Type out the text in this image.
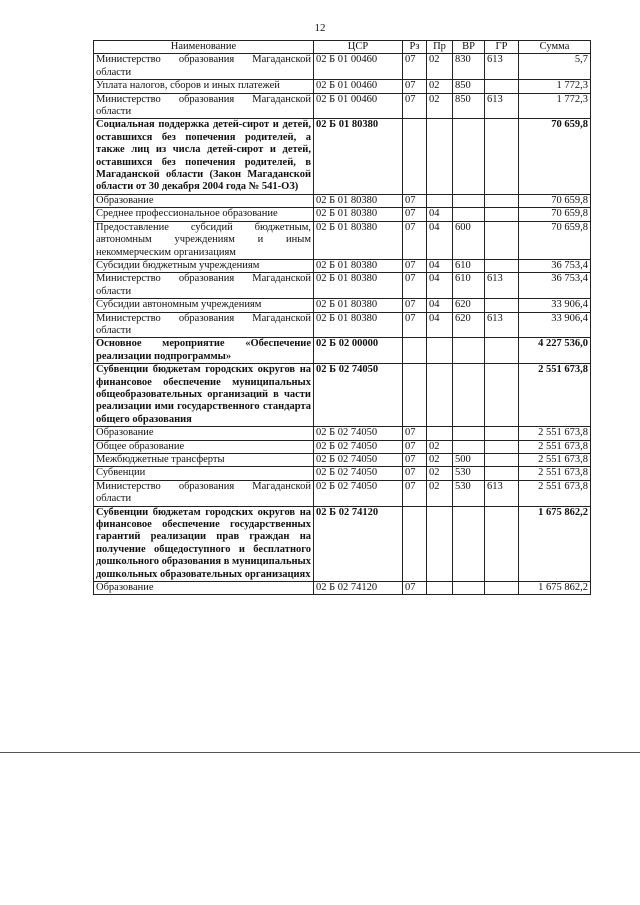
12
Наименование	ЦСР	Рз	Пр	ВР	ГР	Сумма
Министерство образования Магаданской области	02 Б 01 00460	07	02	830	613	5,7
Уплата налогов, сборов и иных платежей	02 Б 01 00460	07	02	850		1 772,3
Министерство образования Магаданской области	02 Б 01 00460	07	02	850	613	1 772,3
Социальная поддержка детей-сирот и детей, оставшихся без попечения родителей, а также лиц из числа детей-сирот и детей, оставшихся без попечения родителей, в Магаданской области (Закон Магаданской области от 30 декабря 2004 года № 541-ОЗ)	02 Б 01 80380					70 659,8
Образование	02 Б 01 80380	07				70 659,8
Среднее профессиональное образование	02 Б 01 80380	07	04			70 659,8
Предоставление субсидий бюджетным, автономным учреждениям и иным некоммерческим организациям	02 Б 01 80380	07	04	600		70 659,8
Субсидии бюджетным учреждениям	02 Б 01 80380	07	04	610		36 753,4
Министерство образования Магаданской области	02 Б 01 80380	07	04	610	613	36 753,4
Субсидии автономным учреждениям	02 Б 01 80380	07	04	620		33 906,4
Министерство образования Магаданской области	02 Б 01 80380	07	04	620	613	33 906,4
Основное мероприятие «Обеспечение реализации подпрограммы»	02 Б 02 00000					4 227 536,0
Субвенции бюджетам городских округов на финансовое обеспечение муниципальных общеобразовательных организаций в части реализации ими государственного стандарта общего образования	02 Б 02 74050					2 551 673,8
Образование	02 Б 02 74050	07				2 551 673,8
Общее образование	02 Б 02 74050	07	02			2 551 673,8
Межбюджетные трансферты	02 Б 02 74050	07	02	500		2 551 673,8
Субвенции	02 Б 02 74050	07	02	530		2 551 673,8
Министерство образования Магаданской области	02 Б 02 74050	07	02	530	613	2 551 673,8
Субвенции бюджетам городских округов на финансовое обеспечение государственных гарантий реализации прав граждан на получение общедоступного и бесплатного дошкольного образования в муниципальных дошкольных образовательных организациях	02 Б 02 74120					1 675 862,2
Образование	02 Б 02 74120	07				1 675 862,2
